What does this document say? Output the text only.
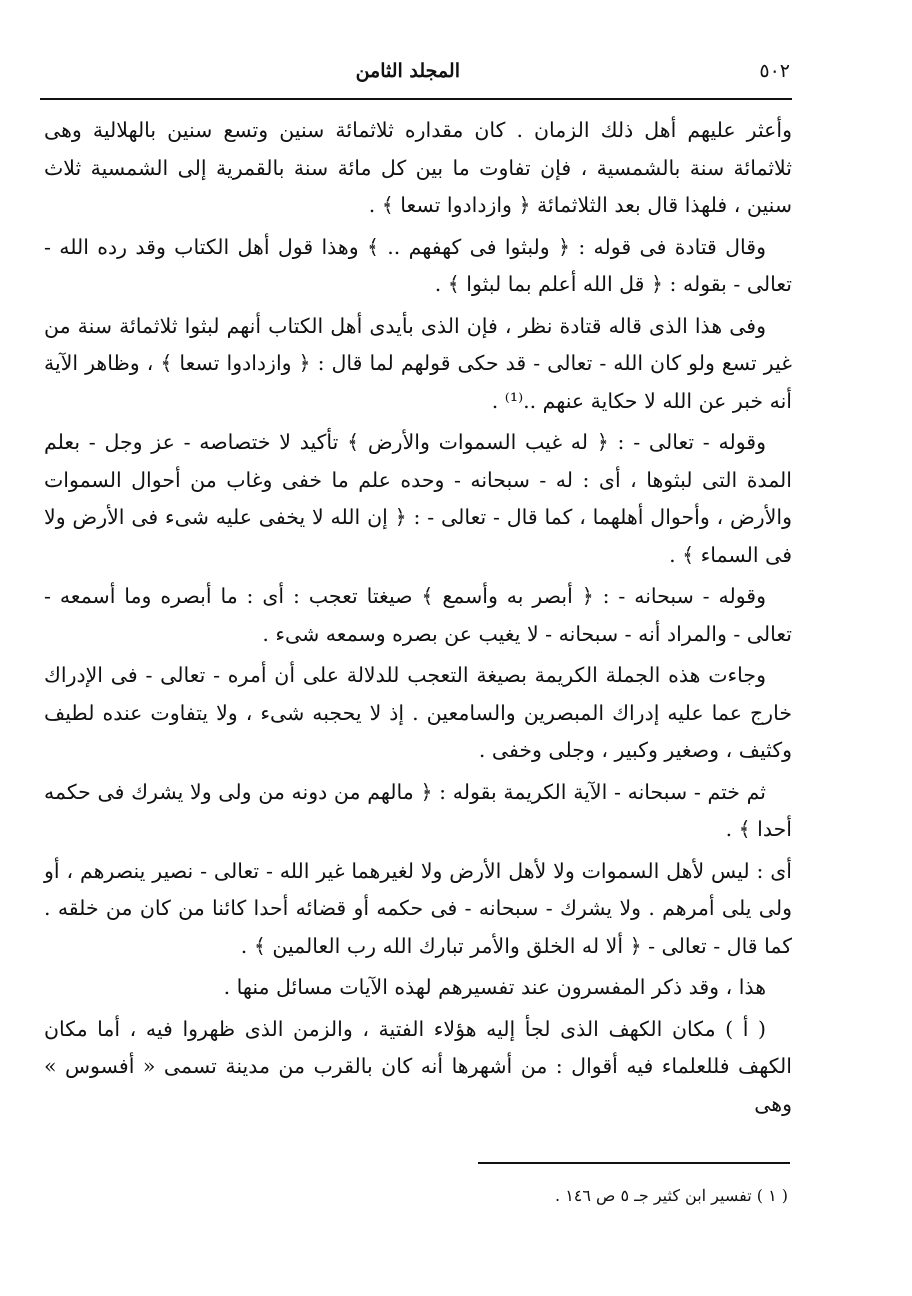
٥٠٢
المجلد الثامن

وأعثر عليهم أهل ذلك الزمان . كان مقداره ثلاثمائة سنين وتسع سنين بالهلالية وهى ثلاثمائة سنة بالشمسية ، فإن تفاوت ما بين كل مائة سنة بالقمرية إلى الشمسية ثلاث سنين ، فلهذا قال بعد الثلاثمائة ﴿ وازدادوا تسعا ﴾ .

وقال قتادة فى قوله : ﴿ ولبثوا فى كهفهم .. ﴾ وهذا قول أهل الكتاب وقد رده الله - تعالى - بقوله : ﴿ قل الله أعلم بما لبثوا ﴾ .

وفى هذا الذى قاله قتادة نظر ، فإن الذى بأيدى أهل الكتاب أنهم لبثوا ثلاثمائة سنة من غير تسع ولو كان الله - تعالى - قد حكى قولهم لما قال : ﴿ وازدادوا تسعا ﴾ ، وظاهر الآية أنه خبر عن الله لا حكاية عنهم ..⁽¹⁾ .

وقوله - تعالى - : ﴿ له غيب السموات والأرض ﴾ تأكيد لا ختصاصه - عز وجل - بعلم المدة التى لبثوها ، أى : له - سبحانه - وحده علم ما خفى وغاب من أحوال السموات والأرض ، وأحوال أهلهما ، كما قال - تعالى - : ﴿ إن الله لا يخفى عليه شىء فى الأرض ولا فى السماء ﴾ .

وقوله - سبحانه - : ﴿ أبصر به وأسمع ﴾ صيغتا تعجب : أى : ما أبصره وما أسمعه - تعالى - والمراد أنه - سبحانه - لا يغيب عن بصره وسمعه شىء .

وجاءت هذه الجملة الكريمة بصيغة التعجب للدلالة على أن أمره - تعالى - فى الإدراك خارج عما عليه إدراك المبصرين والسامعين . إذ لا يحجبه شىء ، ولا يتفاوت عنده لطيف وكثيف ، وصغير وكبير ، وجلى وخفى .

ثم ختم - سبحانه - الآية الكريمة بقوله : ﴿ مالهم من دونه من ولى ولا يشرك فى حكمه أحدا ﴾ .

أى : ليس لأهل السموات ولا لأهل الأرض ولا لغيرهما غير الله - تعالى - نصير ينصرهم ، أو ولى يلى أمرهم . ولا يشرك - سبحانه - فى حكمه أو قضائه أحدا كائنا من كان من خلقه . كما قال - تعالى - ﴿ ألا له الخلق والأمر تبارك الله رب العالمين ﴾ .

هذا ، وقد ذكر المفسرون عند تفسيرهم لهذه الآيات مسائل منها .

( أ ) مكان الكهف الذى لجأ إليه هؤلاء الفتية ، والزمن الذى ظهروا فيه ، أما مكان الكهف فللعلماء فيه أقوال : من أشهرها أنه كان بالقرب من مدينة تسمى « أفسوس » وهى

( ١ ) تفسير ابن كثير جـ ٥ ص ١٤٦ .
